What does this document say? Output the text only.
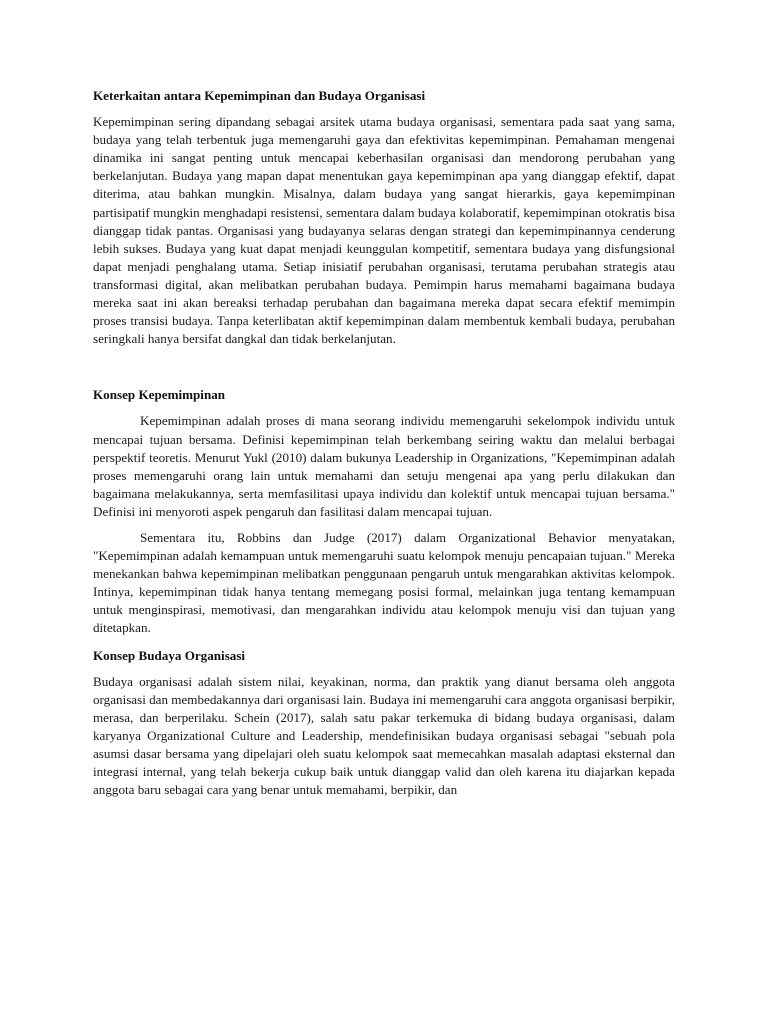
Keterkaitan antara Kepemimpinan dan Budaya Organisasi

Kepemimpinan sering dipandang sebagai arsitek utama budaya organisasi, sementara pada saat yang sama, budaya yang telah terbentuk juga memengaruhi gaya dan efektivitas kepemimpinan. Pemahaman mengenai dinamika ini sangat penting untuk mencapai keberhasilan organisasi dan mendorong perubahan yang berkelanjutan. Budaya yang mapan dapat menentukan gaya kepemimpinan apa yang dianggap efektif, dapat diterima, atau bahkan mungkin. Misalnya, dalam budaya yang sangat hierarkis, gaya kepemimpinan partisipatif mungkin menghadapi resistensi, sementara dalam budaya kolaboratif, kepemimpinan otokratis bisa dianggap tidak pantas. Organisasi yang budayanya selaras dengan strategi dan kepemimpinannya cenderung lebih sukses. Budaya yang kuat dapat menjadi keunggulan kompetitif, sementara budaya yang disfungsional dapat menjadi penghalang utama. Setiap inisiatif perubahan organisasi, terutama perubahan strategis atau transformasi digital, akan melibatkan perubahan budaya. Pemimpin harus memahami bagaimana budaya mereka saat ini akan bereaksi terhadap perubahan dan bagaimana mereka dapat secara efektif memimpin proses transisi budaya. Tanpa keterlibatan aktif kepemimpinan dalam membentuk kembali budaya, perubahan seringkali hanya bersifat dangkal dan tidak berkelanjutan.

Konsep Kepemimpinan

Kepemimpinan adalah proses di mana seorang individu memengaruhi sekelompok individu untuk mencapai tujuan bersama. Definisi kepemimpinan telah berkembang seiring waktu dan melalui berbagai perspektif teoretis. Menurut Yukl (2010) dalam bukunya Leadership in Organizations, "Kepemimpinan adalah proses memengaruhi orang lain untuk memahami dan setuju mengenai apa yang perlu dilakukan dan bagaimana melakukannya, serta memfasilitasi upaya individu dan kolektif untuk mencapai tujuan bersama." Definisi ini menyoroti aspek pengaruh dan fasilitasi dalam mencapai tujuan.

Sementara itu, Robbins dan Judge (2017) dalam Organizational Behavior menyatakan, "Kepemimpinan adalah kemampuan untuk memengaruhi suatu kelompok menuju pencapaian tujuan." Mereka menekankan bahwa kepemimpinan melibatkan penggunaan pengaruh untuk mengarahkan aktivitas kelompok. Intinya, kepemimpinan tidak hanya tentang memegang posisi formal, melainkan juga tentang kemampuan untuk menginspirasi, memotivasi, dan mengarahkan individu atau kelompok menuju visi dan tujuan yang ditetapkan.

Konsep Budaya Organisasi

Budaya organisasi adalah sistem nilai, keyakinan, norma, dan praktik yang dianut bersama oleh anggota organisasi dan membedakannya dari organisasi lain. Budaya ini memengaruhi cara anggota organisasi berpikir, merasa, dan berperilaku. Schein (2017), salah satu pakar terkemuka di bidang budaya organisasi, dalam karyanya Organizational Culture and Leadership, mendefinisikan budaya organisasi sebagai "sebuah pola asumsi dasar bersama yang dipelajari oleh suatu kelompok saat memecahkan masalah adaptasi eksternal dan integrasi internal, yang telah bekerja cukup baik untuk dianggap valid dan oleh karena itu diajarkan kepada anggota baru sebagai cara yang benar untuk memahami, berpikir, dan
